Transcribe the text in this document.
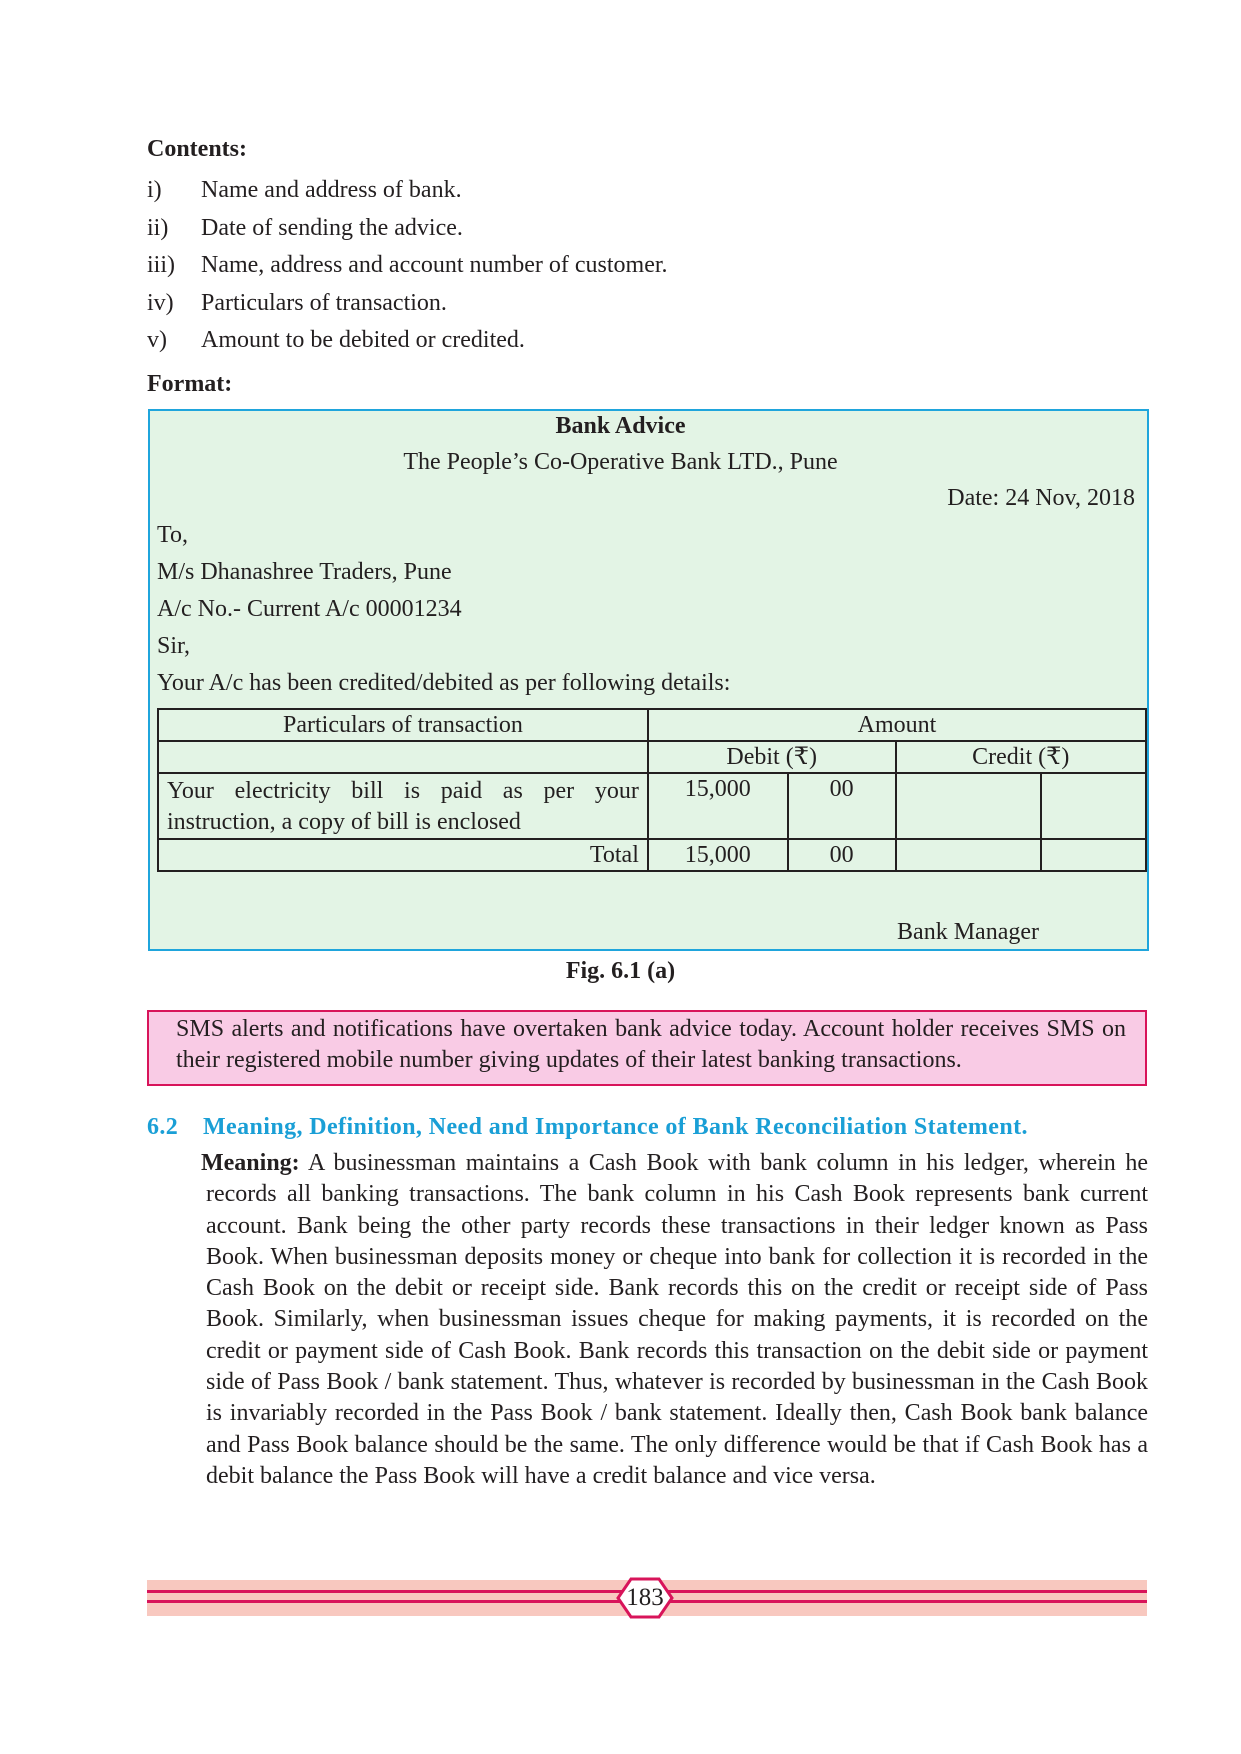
Contents:
i)	Name and address of bank.
ii)	Date of sending the advice.
iii)	Name, address and account number of customer.
iv)	Particulars of transaction.
v)	Amount to be debited or credited.
Format:
Bank Advice
The People’s Co-Operative Bank LTD., Pune
Date: 24 Nov, 2018
To,
M/s Dhanashree Traders, Pune
A/c No.- Current A/c 00001234
Sir,
Your A/c has been credited/debited as per following details:
Particulars of transaction	Amount			
	Debit (₹)		Credit (₹)	
Your electricity bill is paid as per your instruction, a copy of bill is enclosed	15,000	00		
Total	15,000	00		
Bank Manager
Fig. 6.1 (a)
SMS alerts and notifications have overtaken bank advice today. Account holder receives SMS on their registered mobile number giving updates of their latest banking transactions.
6.2 Meaning, Definition, Need and Importance of Bank Reconciliation Statement.
Meaning: A businessman maintains a Cash Book with bank column in his ledger, wherein he records all banking transactions. The bank column in his Cash Book represents bank current account. Bank being the other party records these transactions in their ledger known as Pass Book. When businessman deposits money or cheque into bank for collection it is recorded in the Cash Book on the debit or receipt side. Bank records this on the credit or receipt side of Pass Book. Similarly, when businessman issues cheque for making payments, it is recorded on the credit or payment side of Cash Book. Bank records this transaction on the debit side or payment side of Pass Book / bank statement. Thus, whatever is recorded by businessman in the Cash Book is invariably recorded in the Pass Book / bank statement. Ideally then, Cash Book bank balance and Pass Book balance should be the same. The only difference would be that if Cash Book has a debit balance the Pass Book will have a credit balance and vice versa.
183
